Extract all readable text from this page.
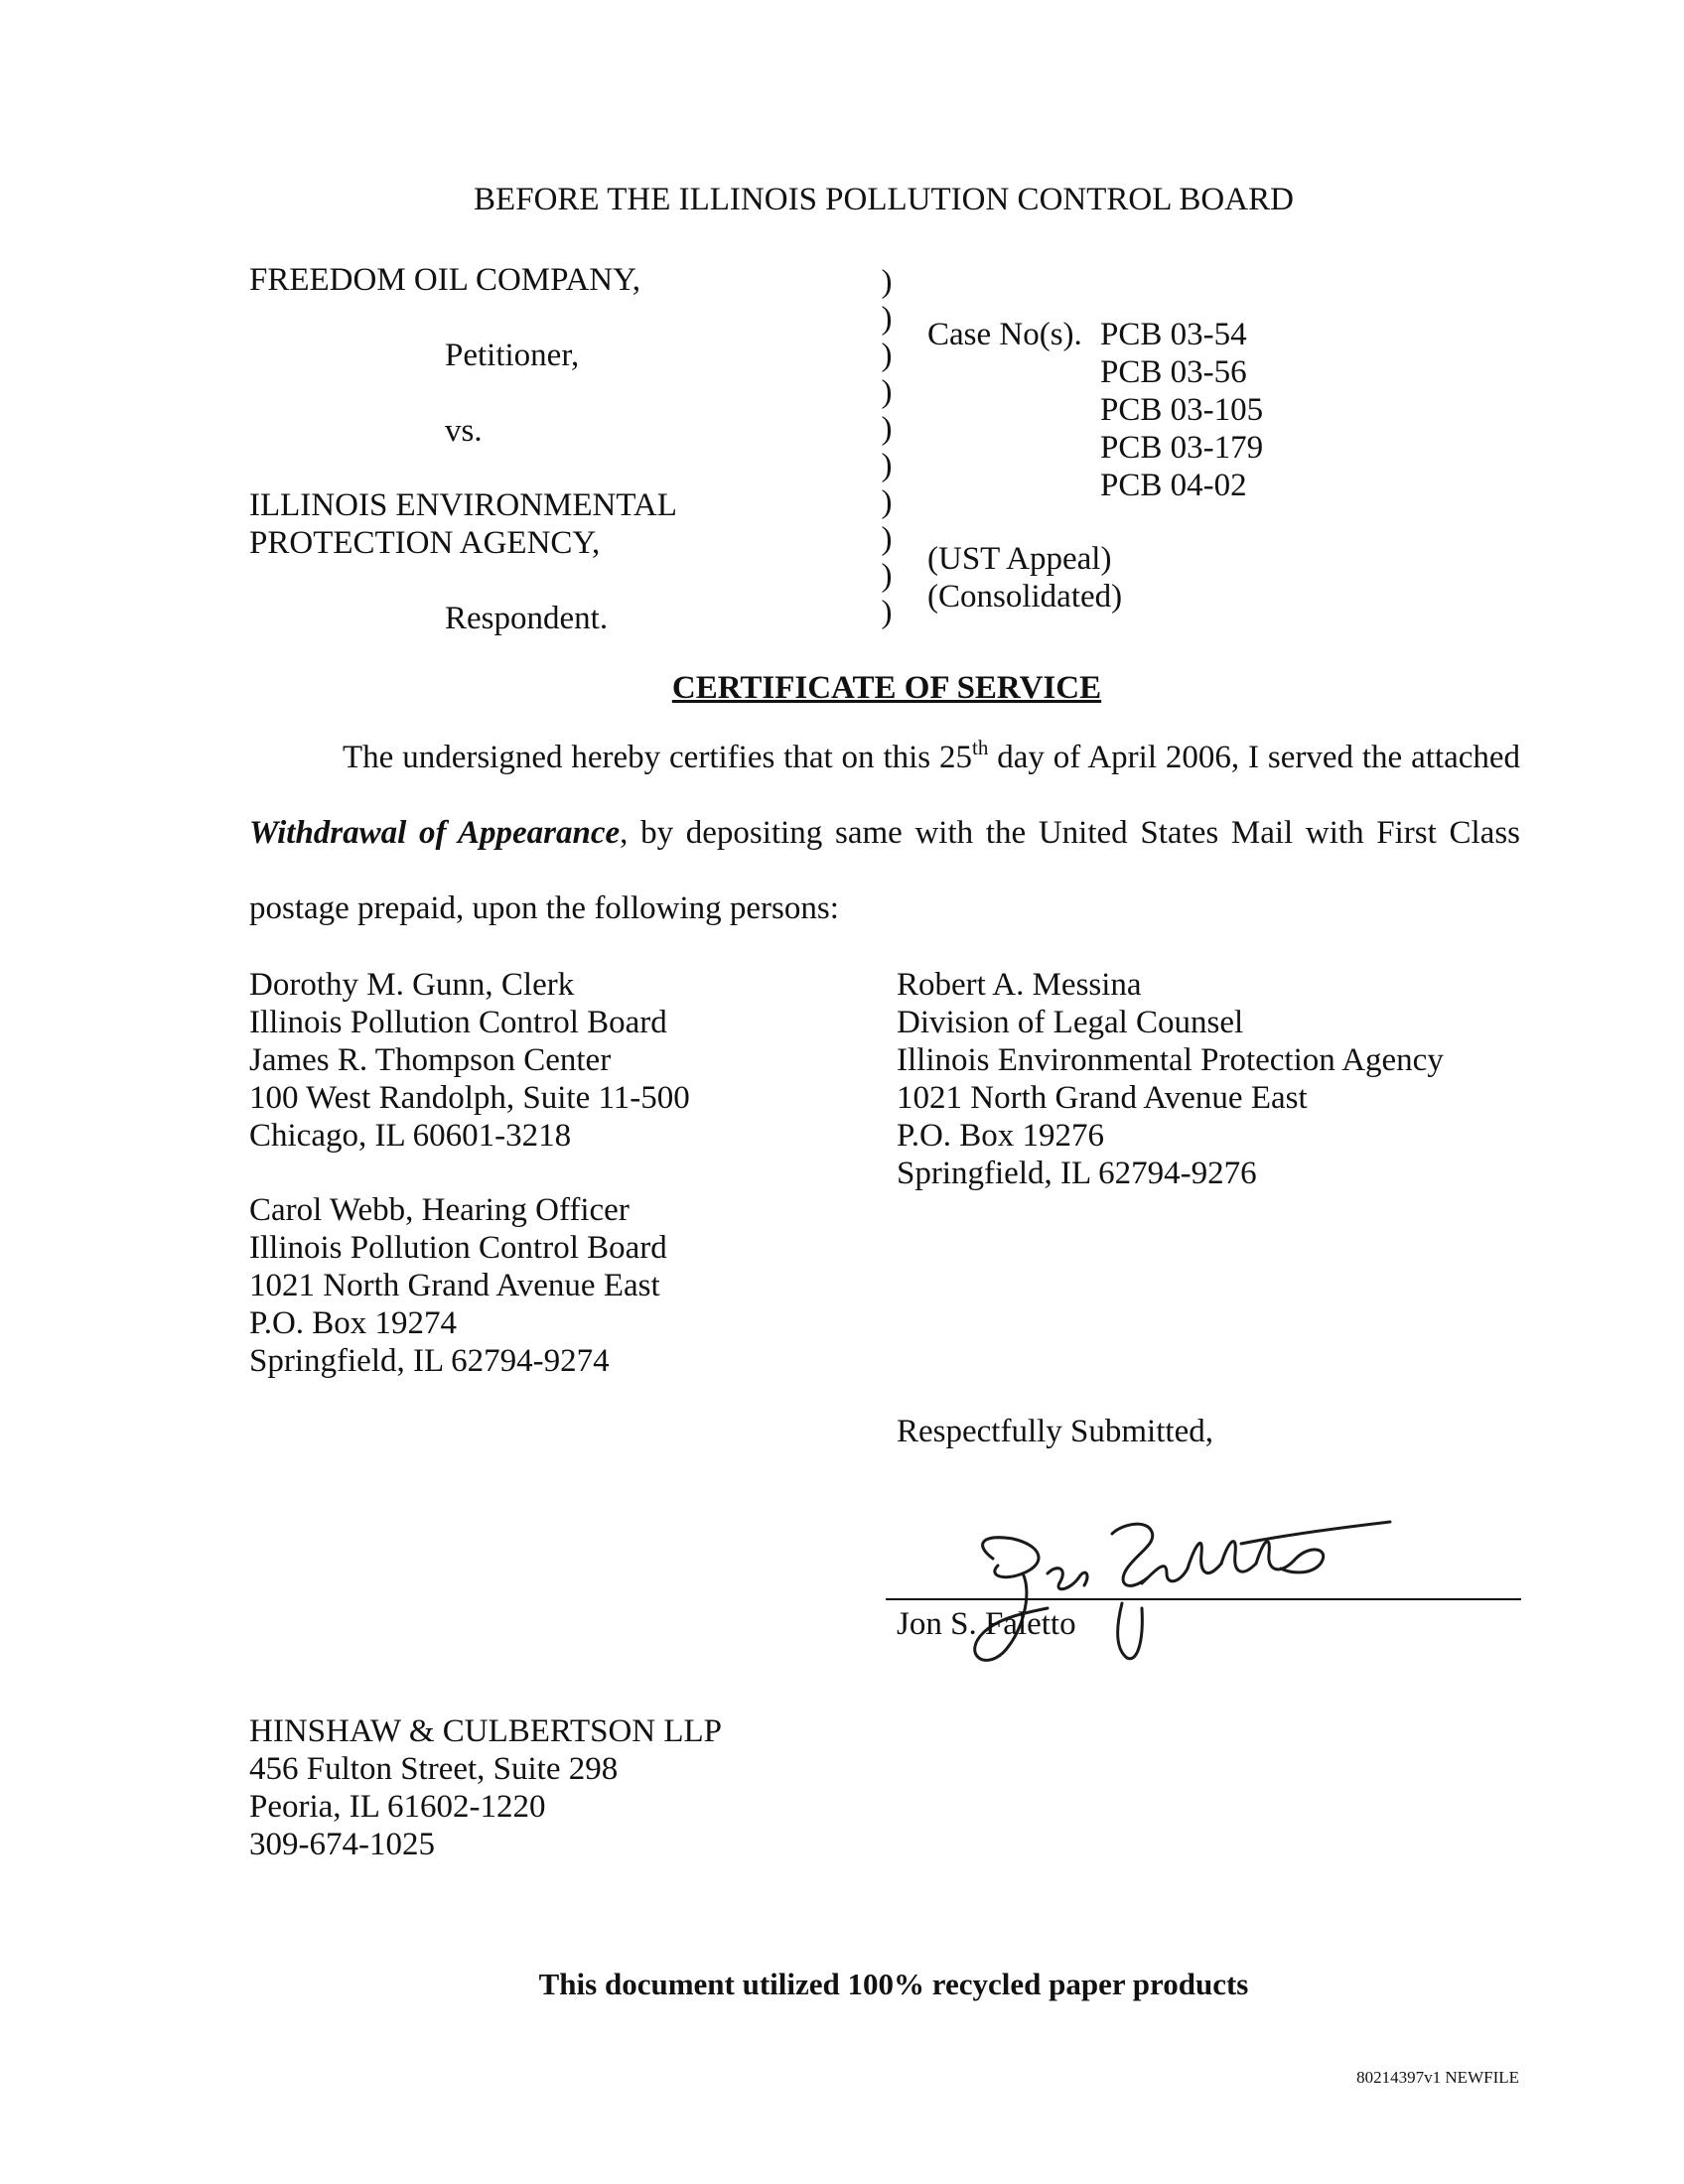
BEFORE THE ILLINOIS POLLUTION CONTROL BOARD
FREEDOM OIL COMPANY,
Petitioner,
vs.
ILLINOIS ENVIRONMENTAL
PROTECTION AGENCY,
Respondent.
)
)
)
)
)
)
)
)
)
)
Case No(s). PCB 03-54
PCB 03-56
PCB 03-105
PCB 03-179
PCB 04-02
(UST Appeal)
(Consolidated)
CERTIFICATE OF SERVICE
The undersigned hereby certifies that on this 25th day of April 2006, I served the attached
Withdrawal of Appearance, by depositing same with the United States Mail with First Class
postage prepaid, upon the following persons:
Dorothy M. Gunn, Clerk
Illinois Pollution Control Board
James R. Thompson Center
100 West Randolph, Suite 11-500
Chicago, IL 60601-3218
Carol Webb, Hearing Officer
Illinois Pollution Control Board
1021 North Grand Avenue East
P.O. Box 19274
Springfield, IL 62794-9274
Robert A. Messina
Division of Legal Counsel
Illinois Environmental Protection Agency
1021 North Grand Avenue East
P.O. Box 19276
Springfield, IL 62794-9276
Respectfully Submitted,
Jon S. Faletto
HINSHAW & CULBERTSON LLP
456 Fulton Street, Suite 298
Peoria, IL 61602-1220
309-674-1025
This document utilized 100% recycled paper products
80214397v1 NEWFILE
